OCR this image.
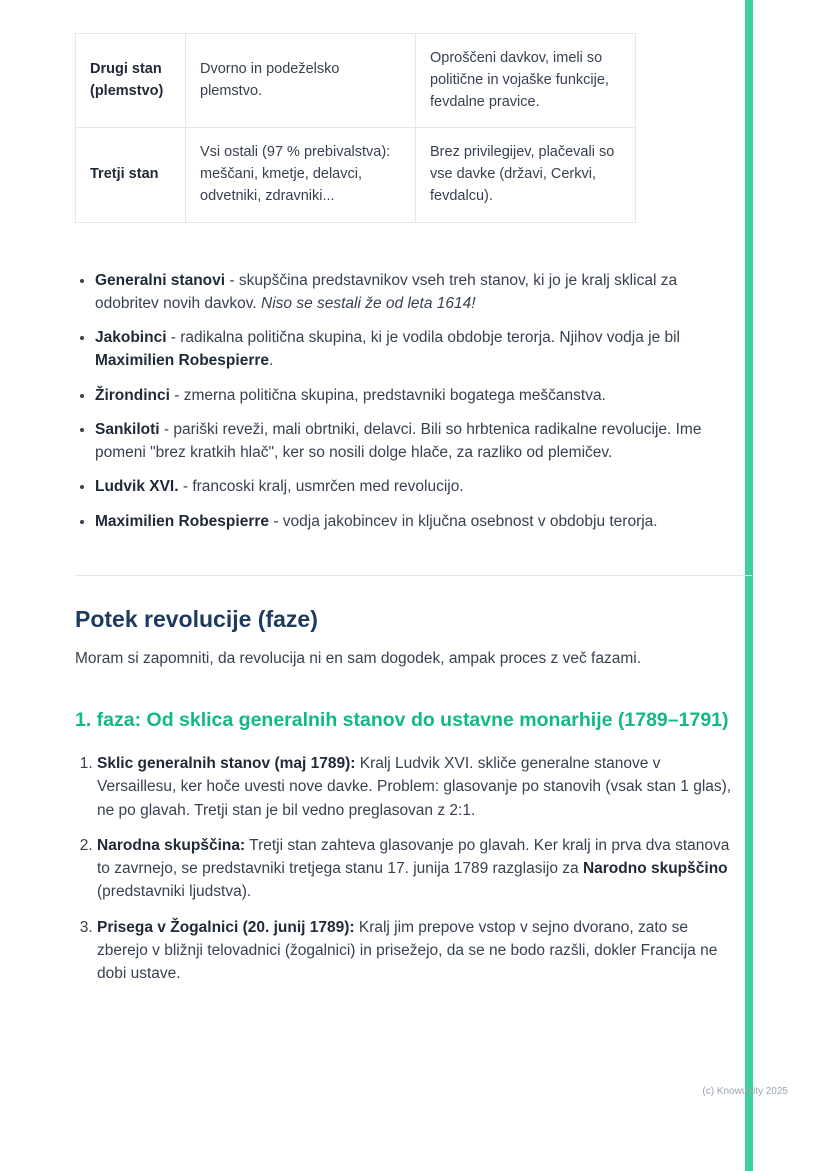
Drugi stan (plemstvo)	Dvorno in podeželsko plemstvo.	Oproščeni davkov, imeli so politične in vojaške funkcije, fevdalne pravice.
Tretji stan	Vsi ostali (97 % prebivalstva): meščani, kmetje, delavci, odvetniki, zdravniki...	Brez privilegijev, plačevali so vse davke (državi, Cerkvi, fevdalcu).
• Generalni stanovi - skupščina predstavnikov vseh treh stanov, ki jo je kralj sklical za odobritev novih davkov. Niso se sestali že od leta 1614!
• Jakobinci - radikalna politična skupina, ki je vodila obdobje terorja. Njihov vodja je bil Maximilien Robespierre.
• Žirondinci - zmerna politična skupina, predstavniki bogatega meščanstva.
• Sankiloti - pariški reveži, mali obrtniki, delavci. Bili so hrbtenica radikalne revolucije. Ime pomeni "brez kratkih hlač", ker so nosili dolge hlače, za razliko od plemičev.
• Ludvik XVI. - francoski kralj, usmrčen med revolucijo.
• Maximilien Robespierre - vodja jakobincev in ključna osebnost v obdobju terorja.
Potek revolucije (faze)

Moram si zapomniti, da revolucija ni en sam dogodek, ampak proces z več fazami.

1. faza: Od sklica generalnih stanov do ustavne monarhije (1789–1791)
1. Sklic generalnih stanov (maj 1789): Kralj Ludvik XVI. skliče generalne stanove v Versaillesu, ker hoče uvesti nove davke. Problem: glasovanje po stanovih (vsak stan 1 glas), ne po glavah. Tretji stan je bil vedno preglasovan z 2:1.
2. Narodna skupščina: Tretji stan zahteva glasovanje po glavah. Ker kralj in prva dva stanova to zavrnejo, se predstavniki tretjega stanu 17. junija 1789 razglasijo za Narodno skupščino (predstavniki ljudstva).
3. Prisega v Žogalnici (20. junij 1789): Kralj jim prepove vstop v sejno dvorano, zato se zberejo v bližnji telovadnici (žogalnici) in prisežejo, da se ne bodo razšli, dokler Francija ne dobi ustave.
(c) Knowunity 2025
